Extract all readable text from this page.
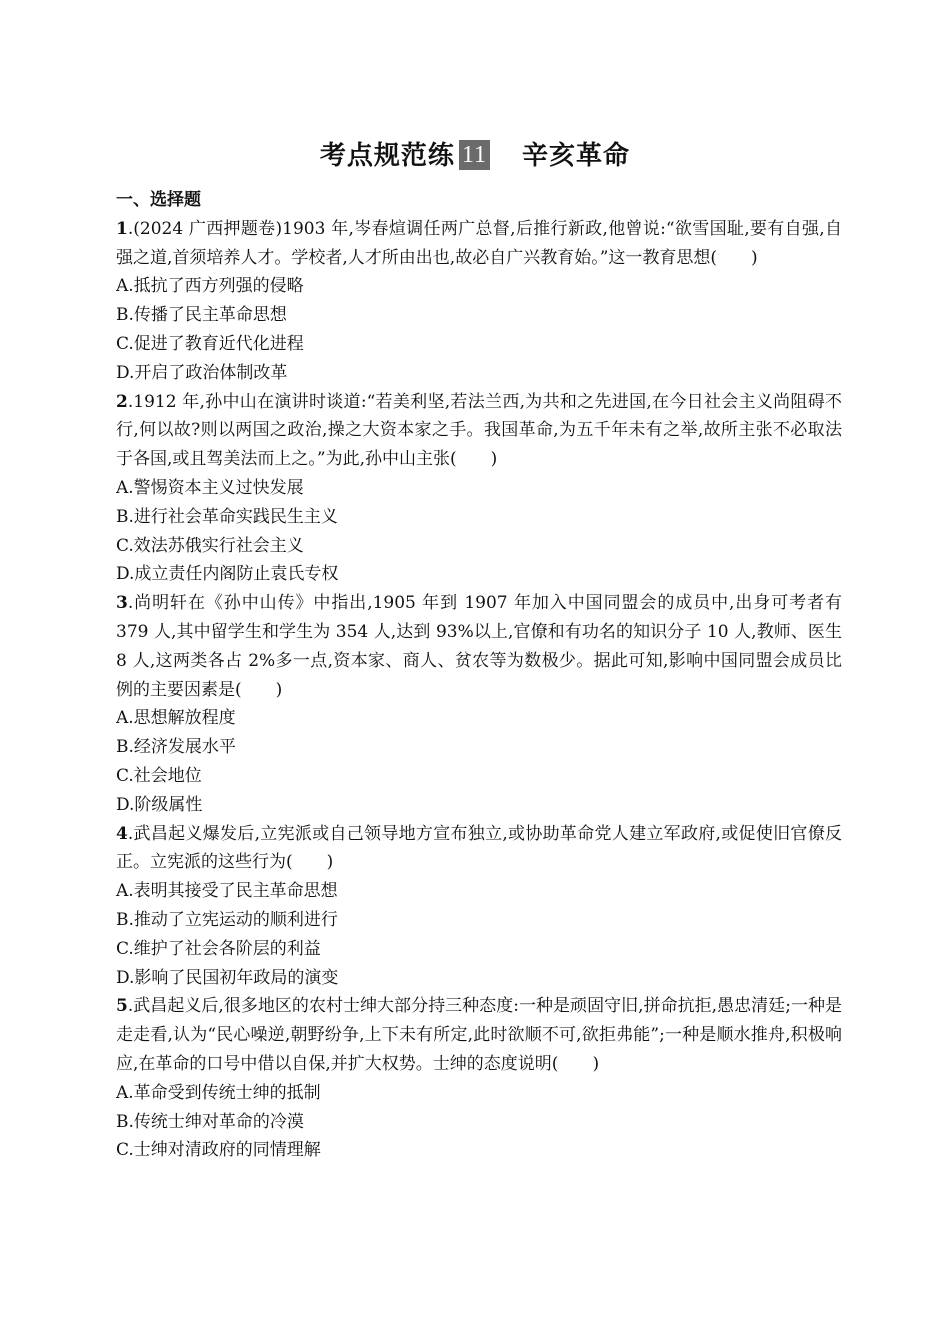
考点规范练 11 辛亥革命
一、选择题
1.(2024 广西押题卷)1903 年,岑春煊调任两广总督,后推行新政,他曾说:“欲雪国耻,要有自强,自强之道,首须培养人才。学校者,人才所由出也,故必自广兴教育始。”这一教育思想(　　)
A.抵抗了西方列强的侵略
B.传播了民主革命思想
C.促进了教育近代化进程
D.开启了政治体制改革
2.1912 年,孙中山在演讲时谈道:“若美利坚,若法兰西,为共和之先进国,在今日社会主义尚阻碍不行,何以故?则以两国之政治,操之大资本家之手。我国革命,为五千年未有之举,故所主张不必取法于各国,或且驾美法而上之。”为此,孙中山主张(　　)
A.警惕资本主义过快发展
B.进行社会革命实践民生主义
C.效法苏俄实行社会主义
D.成立责任内阁防止袁氏专权
3.尚明轩在《孙中山传》中指出,1905 年到 1907 年加入中国同盟会的成员中,出身可考者有 379 人,其中留学生和学生为 354 人,达到 93%以上,官僚和有功名的知识分子 10 人,教师、医生 8 人,这两类各占 2%多一点,资本家、商人、贫农等为数极少。据此可知,影响中国同盟会成员比例的主要因素是(　　)
A.思想解放程度
B.经济发展水平
C.社会地位
D.阶级属性
4.武昌起义爆发后,立宪派或自己领导地方宣布独立,或协助革命党人建立军政府,或促使旧官僚反正。立宪派的这些行为(　　)
A.表明其接受了民主革命思想
B.推动了立宪运动的顺利进行
C.维护了社会各阶层的利益
D.影响了民国初年政局的演变
5.武昌起义后,很多地区的农村士绅大部分持三种态度:一种是顽固守旧,拼命抗拒,愚忠清廷;一种是走走看,认为“民心噪逆,朝野纷争,上下未有所定,此时欲顺不可,欲拒弗能”;一种是顺水推舟,积极响应,在革命的口号中借以自保,并扩大权势。士绅的态度说明(　　)
A.革命受到传统士绅的抵制
B.传统士绅对革命的冷漠
C.士绅对清政府的同情理解
